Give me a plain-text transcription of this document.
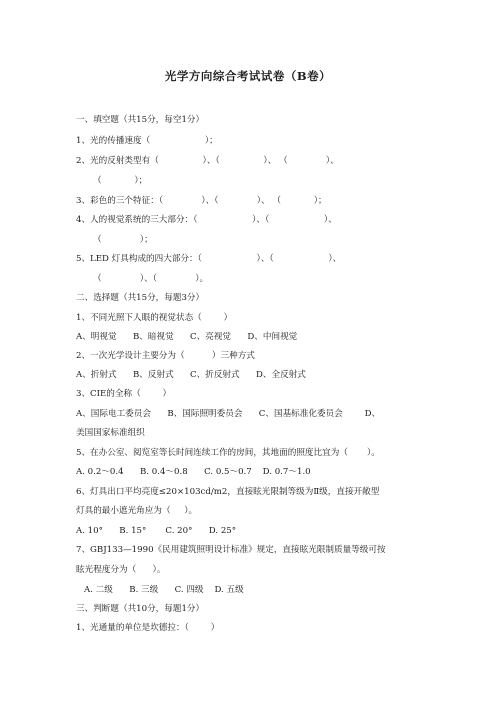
光学方向综合考试试卷（B卷）
一、填空题（共15分，每空1分）
1、光的传播速度（                    ）；
2、光的反射类型有（                ）、（                ）、 （              ）、
（            ）；
3、彩色的三个特征：（              ）、（              ）、 （            ）；
4、人的视觉系统的三大部分：（                    ）、（                    ）、
（              ）；
5、LED 灯具构成的四大部分：（                    ）、（                    ）、
（              ）、（              ）。
二、选择题（共15分，每题3分）
1、不同光照下人眼的视觉状态（        ）
A、明视觉      B、暗视觉      C、亮视觉      D、中间视觉
2、一次光学设计主要分为（          ）三种方式
A、折射式      B、反射式      C、折反射式      D、全反射式
3、CIE的全称（        ）
A、国际电工委员会      B、国际照明委员会      C、国基标准化委员会        D、
美国国家标准组织
5、在办公室、阅览室等长时间连续工作的房间，其地面的照度比宜为（       ）。
A. 0.2～0.4      B. 0.4～0.8      C. 0.5～0.7    D. 0.7～1.0
6、灯具出口平均亮度≤20×103cd/m2，直接眩光限制等级为Ⅱ级，直接开敞型
灯具的最小遮光角应为（     ）。
A. 10°      B. 15°       C. 20°      D. 25°
7、GBJ133—1990《民用建筑照明设计标准》规定，直接眩光限制质量等级可按
眩光程度分为（      ）。
A. 二级      B. 三级      C. 四级    D. 五级
三、判断题（共10分，每题1分）
1、光通量的单位是坎德拉：（        ）
